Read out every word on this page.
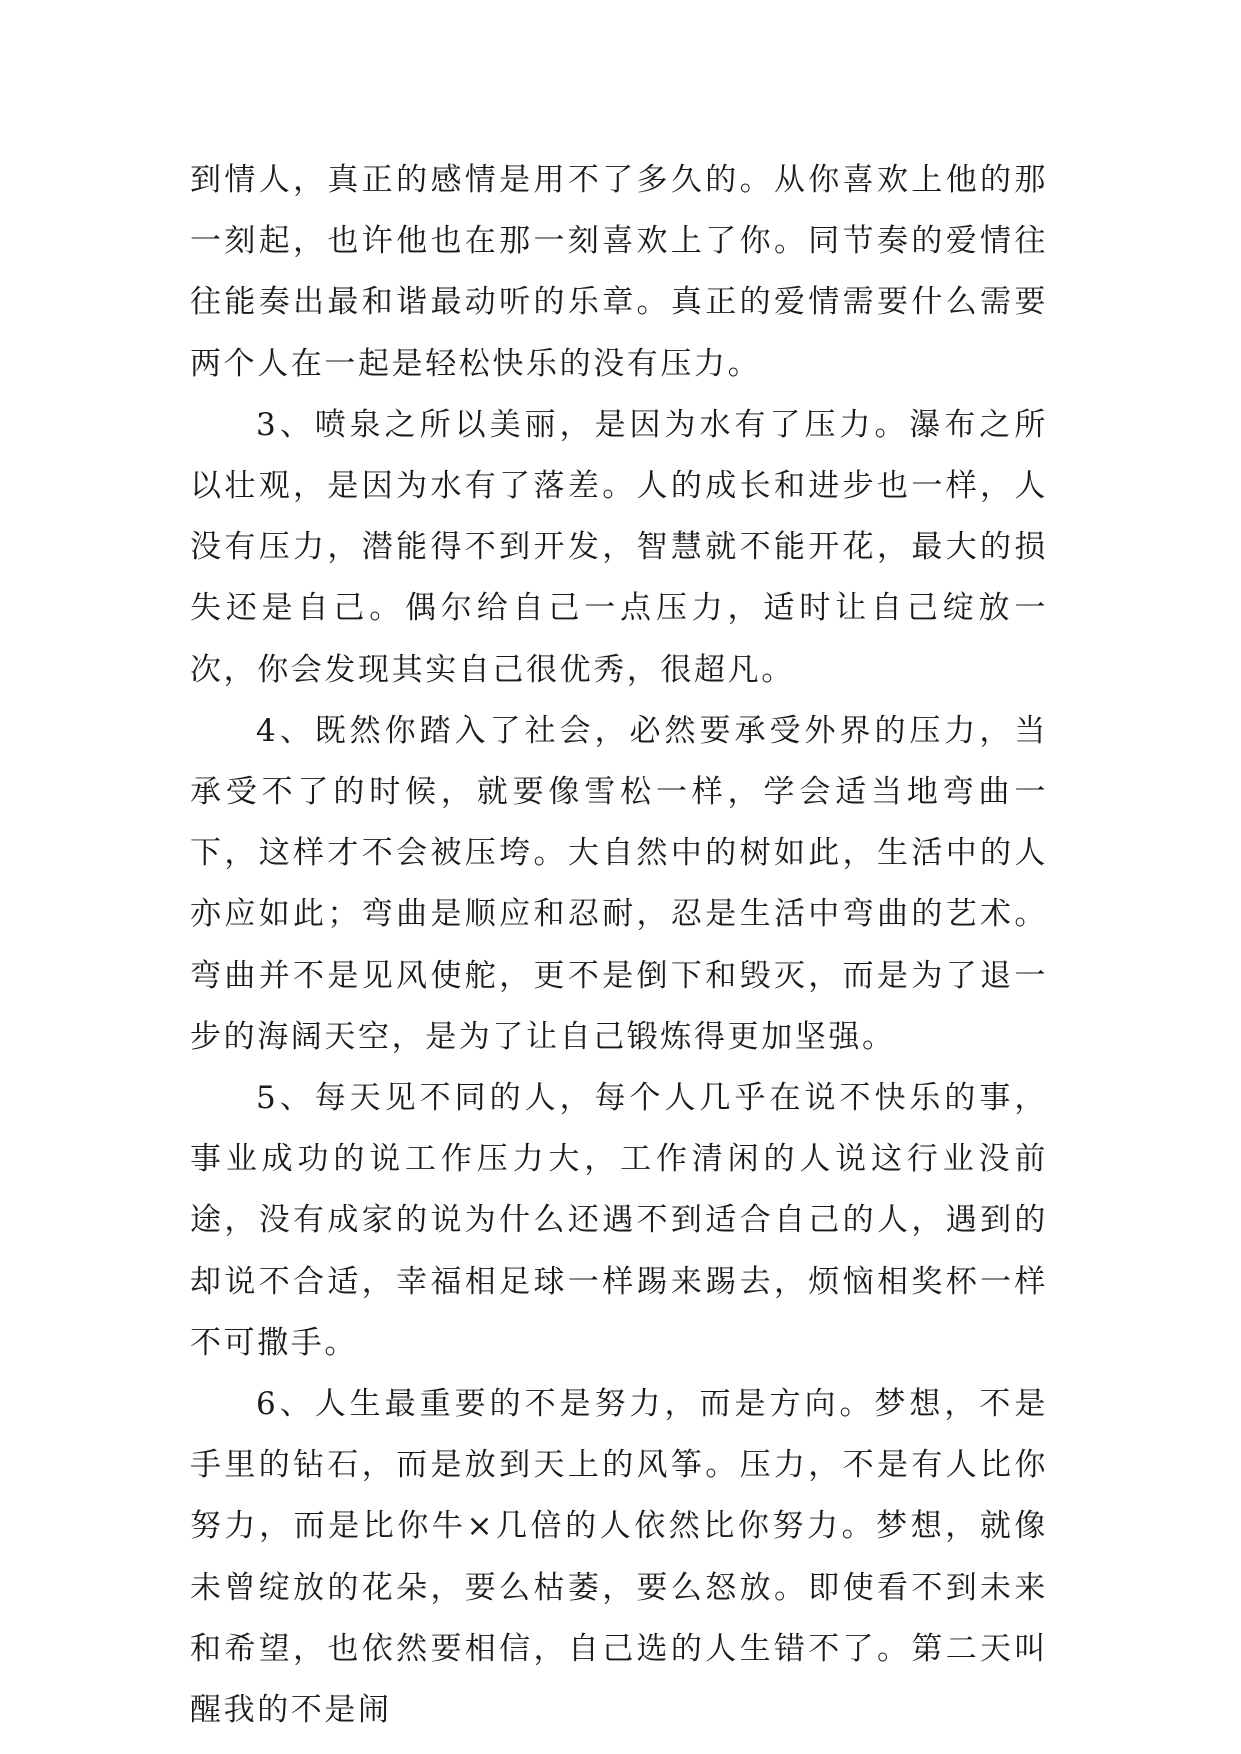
到情人，真正的感情是用不了多久的。从你喜欢上他的那一刻起，也许他也在那一刻喜欢上了你。同节奏的爱情往往能奏出最和谐最动听的乐章。真正的爱情需要什么需要两个人在一起是轻松快乐的没有压力。

3、喷泉之所以美丽，是因为水有了压力。瀑布之所以壮观，是因为水有了落差。人的成长和进步也一样，人没有压力，潜能得不到开发，智慧就不能开花，最大的损失还是自己。偶尔给自己一点压力，适时让自己绽放一次，你会发现其实自己很优秀，很超凡。

4、既然你踏入了社会，必然要承受外界的压力，当承受不了的时候，就要像雪松一样，学会适当地弯曲一下，这样才不会被压垮。大自然中的树如此，生活中的人亦应如此；弯曲是顺应和忍耐，忍是生活中弯曲的艺术。弯曲并不是见风使舵，更不是倒下和毁灭，而是为了退一步的海阔天空，是为了让自己锻炼得更加坚强。

5、每天见不同的人，每个人几乎在说不快乐的事，事业成功的说工作压力大，工作清闲的人说这行业没前途，没有成家的说为什么还遇不到适合自己的人，遇到的却说不合适，幸福相足球一样踢来踢去，烦恼相奖杯一样不可撒手。

6、人生最重要的不是努力，而是方向。梦想，不是手里的钻石，而是放到天上的风筝。压力，不是有人比你努力，而是比你牛×几倍的人依然比你努力。梦想，就像未曾绽放的花朵，要么枯萎，要么怒放。即使看不到未来和希望，也依然要相信，自己选的人生错不了。第二天叫醒我的不是闹
